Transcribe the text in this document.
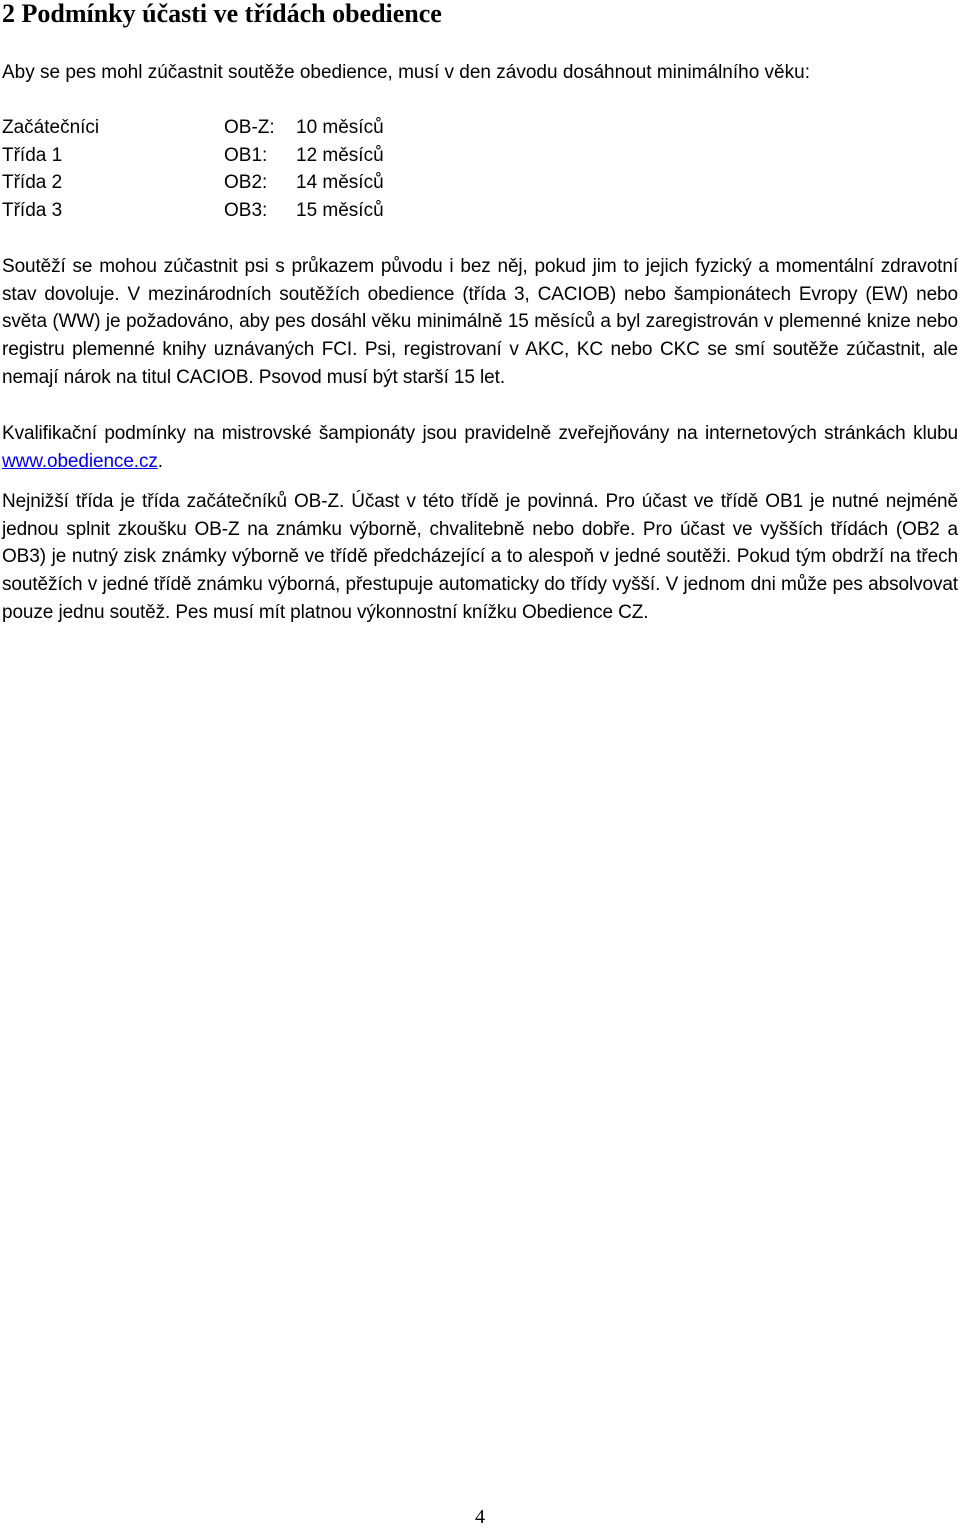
2 Podmínky účasti ve třídách obedience

Aby se pes mohl zúčastnit soutěže obedience, musí v den závodu dosáhnout minimálního věku:

Začátečníci	OB-Z: 10 měsíců
Třída 1	OB1: 12 měsíců
Třída 2	OB2: 14 měsíců
Třída 3	OB3: 15 měsíců

Soutěží se mohou zúčastnit psi s průkazem původu i bez něj, pokud jim to jejich fyzický a momentální zdravotní stav dovoluje. V mezinárodních soutěžích obedience (třída 3, CACIOB) nebo šampionátech Evropy (EW) nebo světa (WW) je požadováno, aby pes dosáhl věku minimálně 15 měsíců a byl zaregistrován v plemenné knize nebo registru plemenné knihy uznávaných FCI. Psi, registrovaní v AKC, KC nebo CKC se smí soutěže zúčastnit, ale nemají nárok na titul CACIOB. Psovod musí být starší 15 let.

Kvalifikační podmínky na mistrovské šampionáty jsou pravidelně zveřejňovány na internetových stránkách klubu www.obedience.cz.

Nejnižší třída je třída začátečníků OB-Z. Účast v této třídě je povinná. Pro účast ve třídě OB1 je nutné nejméně jednou splnit zkoušku OB-Z na známku výborně, chvalitebně nebo dobře. Pro účast ve vyšších třídách (OB2 a OB3) je nutný zisk známky výborně ve třídě předcházející a to alespoň v jedné soutěži. Pokud tým obdrží na třech soutěžích v jedné třídě známku výborná, přestupuje automaticky do třídy vyšší. V jednom dni může pes absolvovat pouze jednu soutěž. Pes musí mít platnou výkonnostní knížku Obedience CZ.

4
